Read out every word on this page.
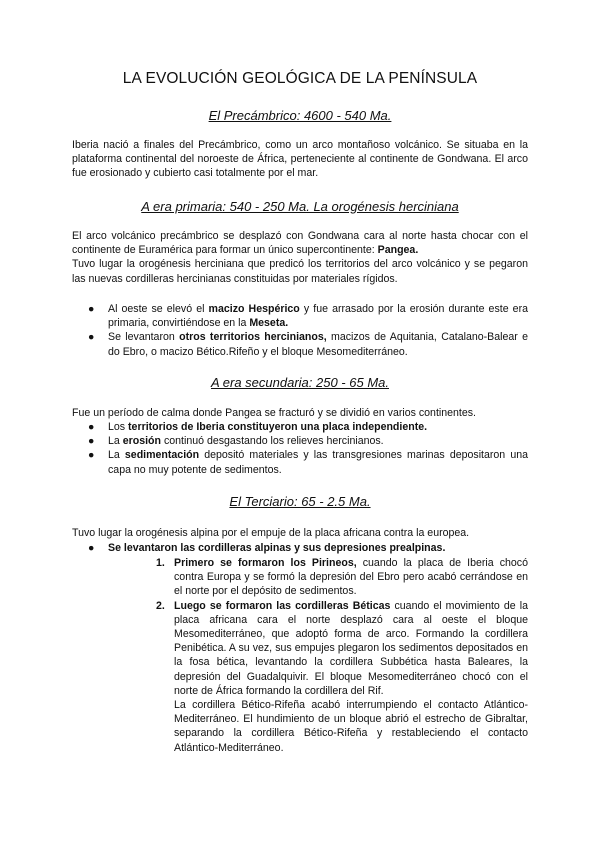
LA EVOLUCIÓN GEOLÓGICA DE LA PENÍNSULA
El Precámbrico: 4600 - 540 Ma.

Iberia nació a finales del Precámbrico, como un arco montañoso volcánico. Se situaba en la plataforma continental del noroeste de África, perteneciente al continente de Gondwana. El arco fue erosionado y cubierto casi totalmente por el mar.

A era primaria: 540 - 250 Ma. La orogénesis herciniana

El arco volcánico precámbrico se desplazó con Gondwana cara al norte hasta chocar con el continente de Euramérica para formar un único supercontinente: Pangea.

Tuvo lugar la orogénesis herciniana que predicó los territorios del arco volcánico y se pegaron las nuevas cordilleras hercinianas constituidas por materiales rígidos.

● Al oeste se elevó el macizo Hespérico y fue arrasado por la erosión durante este era primaria, convirtiéndose en la Meseta.
● Se levantaron otros territorios hercinianos, macizos de Aquitania, Catalano-Balear e do Ebro, o macizo Bético.Rifeño y el bloque Mesomediterráneo.
A era secundaria: 250 - 65 Ma.

Fue un período de calma donde Pangea se fracturó y se dividió en varios continentes.

● Los territorios de Iberia constituyeron una placa independiente.
● La erosión continuó desgastando los relieves hercinianos.
● La sedimentación depositó materiales y las transgresiones marinas depositaron una capa no muy potente de sedimentos.
El Terciario: 65 - 2.5 Ma.

Tuvo lugar la orogénesis alpina por el empuje de la placa africana contra la europea.

● Se levantaron las cordilleras alpinas y sus depresiones prealpinas.
1. Primero se formaron los Pirineos, cuando la placa de Iberia chocó contra Europa y se formó la depresión del Ebro pero acabó cerrándose en el norte por el depósito de sedimentos.

2. Luego se formaron las cordilleras Béticas cuando el movimiento de la placa africana cara el norte desplazó cara al oeste el bloque Mesomediterráneo, que adoptó forma de arco. Formando la cordillera Penibética. A su vez, sus empujes plegaron los sedimentos depositados en la fosa bética, levantando la cordillera Subbética hasta Baleares, la depresión del Guadalquivir. El bloque Mesomediterráneo chocó con el norte de África formando la cordillera del Rif.

La cordillera Bético-Rifeña acabó interrumpiendo el contacto Atlántico-Mediterráneo. El hundimiento de un bloque abrió el estrecho de Gibraltar, separando la cordillera Bético-Rifeña y restableciendo el contacto Atlántico-Mediterráneo.
